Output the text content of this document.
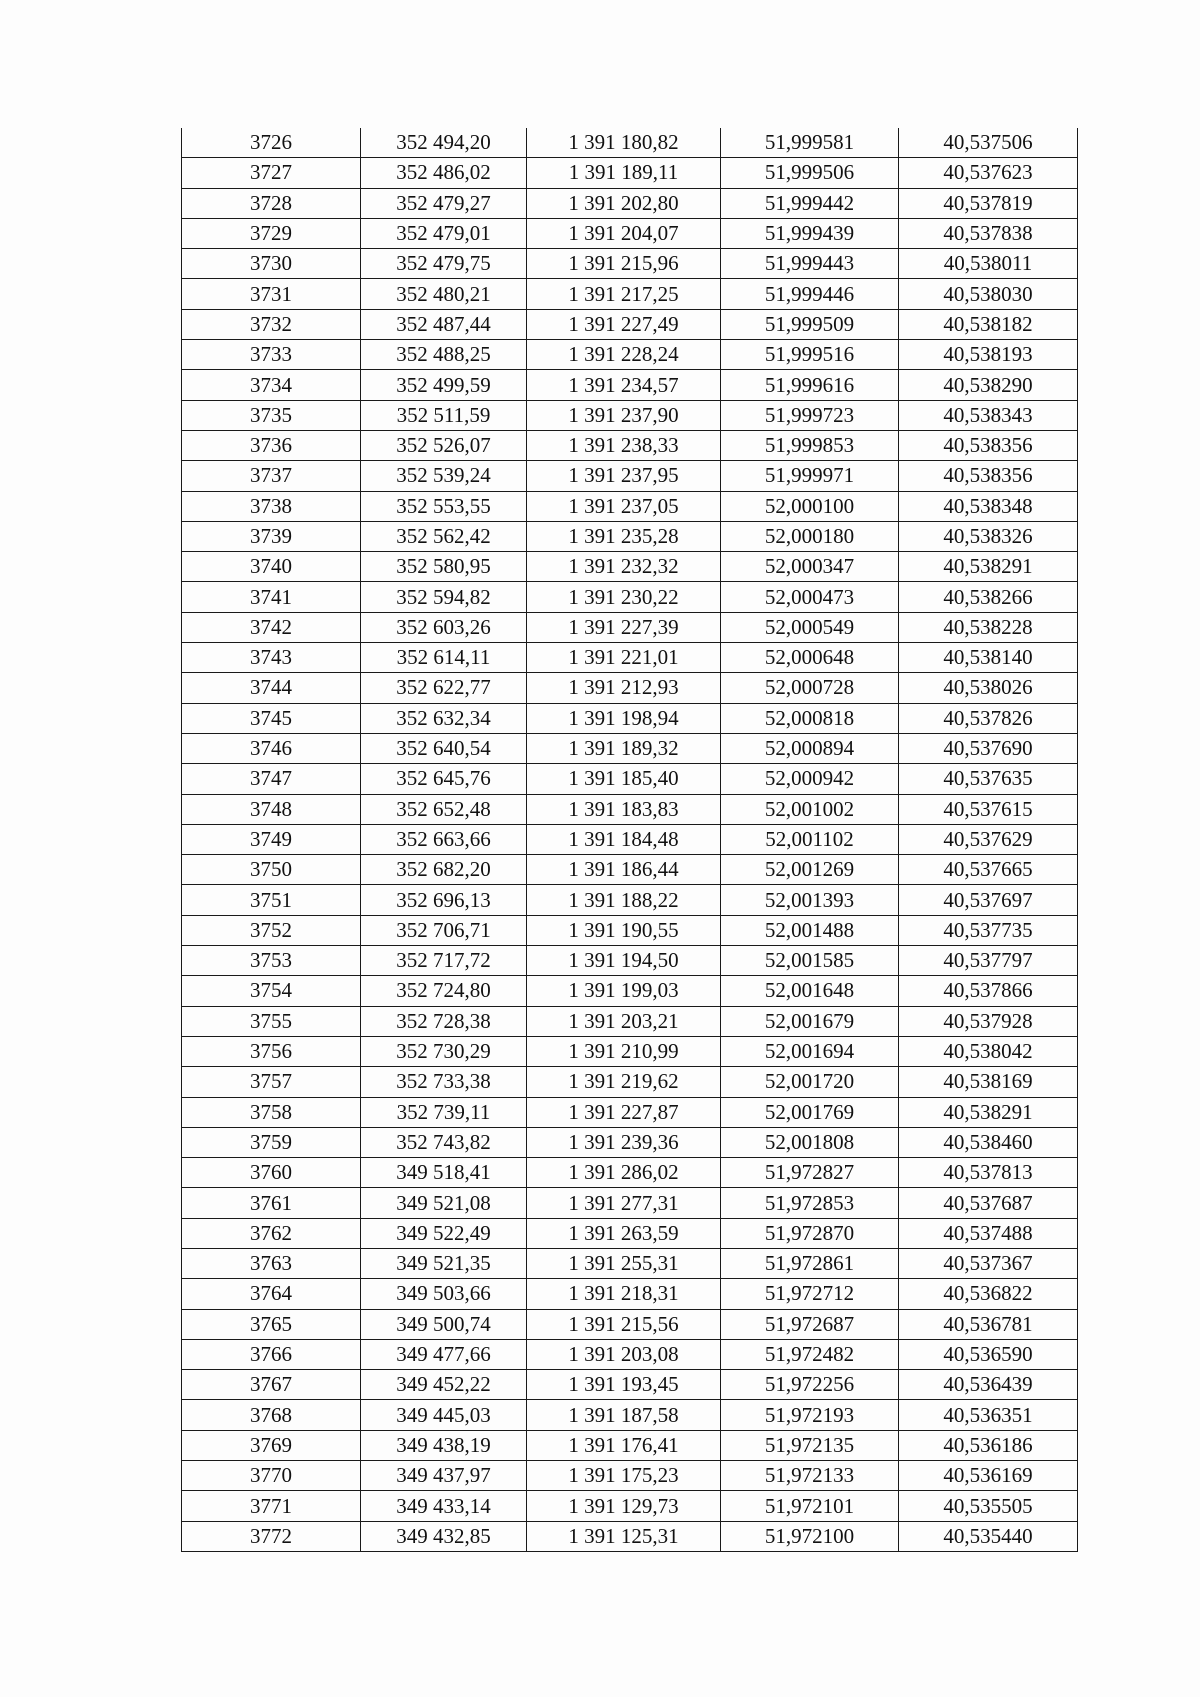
3726	352 494,20	1 391 180,82	51,999581	40,537506
3727	352 486,02	1 391 189,11	51,999506	40,537623
3728	352 479,27	1 391 202,80	51,999442	40,537819
3729	352 479,01	1 391 204,07	51,999439	40,537838
3730	352 479,75	1 391 215,96	51,999443	40,538011
3731	352 480,21	1 391 217,25	51,999446	40,538030
3732	352 487,44	1 391 227,49	51,999509	40,538182
3733	352 488,25	1 391 228,24	51,999516	40,538193
3734	352 499,59	1 391 234,57	51,999616	40,538290
3735	352 511,59	1 391 237,90	51,999723	40,538343
3736	352 526,07	1 391 238,33	51,999853	40,538356
3737	352 539,24	1 391 237,95	51,999971	40,538356
3738	352 553,55	1 391 237,05	52,000100	40,538348
3739	352 562,42	1 391 235,28	52,000180	40,538326
3740	352 580,95	1 391 232,32	52,000347	40,538291
3741	352 594,82	1 391 230,22	52,000473	40,538266
3742	352 603,26	1 391 227,39	52,000549	40,538228
3743	352 614,11	1 391 221,01	52,000648	40,538140
3744	352 622,77	1 391 212,93	52,000728	40,538026
3745	352 632,34	1 391 198,94	52,000818	40,537826
3746	352 640,54	1 391 189,32	52,000894	40,537690
3747	352 645,76	1 391 185,40	52,000942	40,537635
3748	352 652,48	1 391 183,83	52,001002	40,537615
3749	352 663,66	1 391 184,48	52,001102	40,537629
3750	352 682,20	1 391 186,44	52,001269	40,537665
3751	352 696,13	1 391 188,22	52,001393	40,537697
3752	352 706,71	1 391 190,55	52,001488	40,537735
3753	352 717,72	1 391 194,50	52,001585	40,537797
3754	352 724,80	1 391 199,03	52,001648	40,537866
3755	352 728,38	1 391 203,21	52,001679	40,537928
3756	352 730,29	1 391 210,99	52,001694	40,538042
3757	352 733,38	1 391 219,62	52,001720	40,538169
3758	352 739,11	1 391 227,87	52,001769	40,538291
3759	352 743,82	1 391 239,36	52,001808	40,538460
3760	349 518,41	1 391 286,02	51,972827	40,537813
3761	349 521,08	1 391 277,31	51,972853	40,537687
3762	349 522,49	1 391 263,59	51,972870	40,537488
3763	349 521,35	1 391 255,31	51,972861	40,537367
3764	349 503,66	1 391 218,31	51,972712	40,536822
3765	349 500,74	1 391 215,56	51,972687	40,536781
3766	349 477,66	1 391 203,08	51,972482	40,536590
3767	349 452,22	1 391 193,45	51,972256	40,536439
3768	349 445,03	1 391 187,58	51,972193	40,536351
3769	349 438,19	1 391 176,41	51,972135	40,536186
3770	349 437,97	1 391 175,23	51,972133	40,536169
3771	349 433,14	1 391 129,73	51,972101	40,535505
3772	349 432,85	1 391 125,31	51,972100	40,535440
